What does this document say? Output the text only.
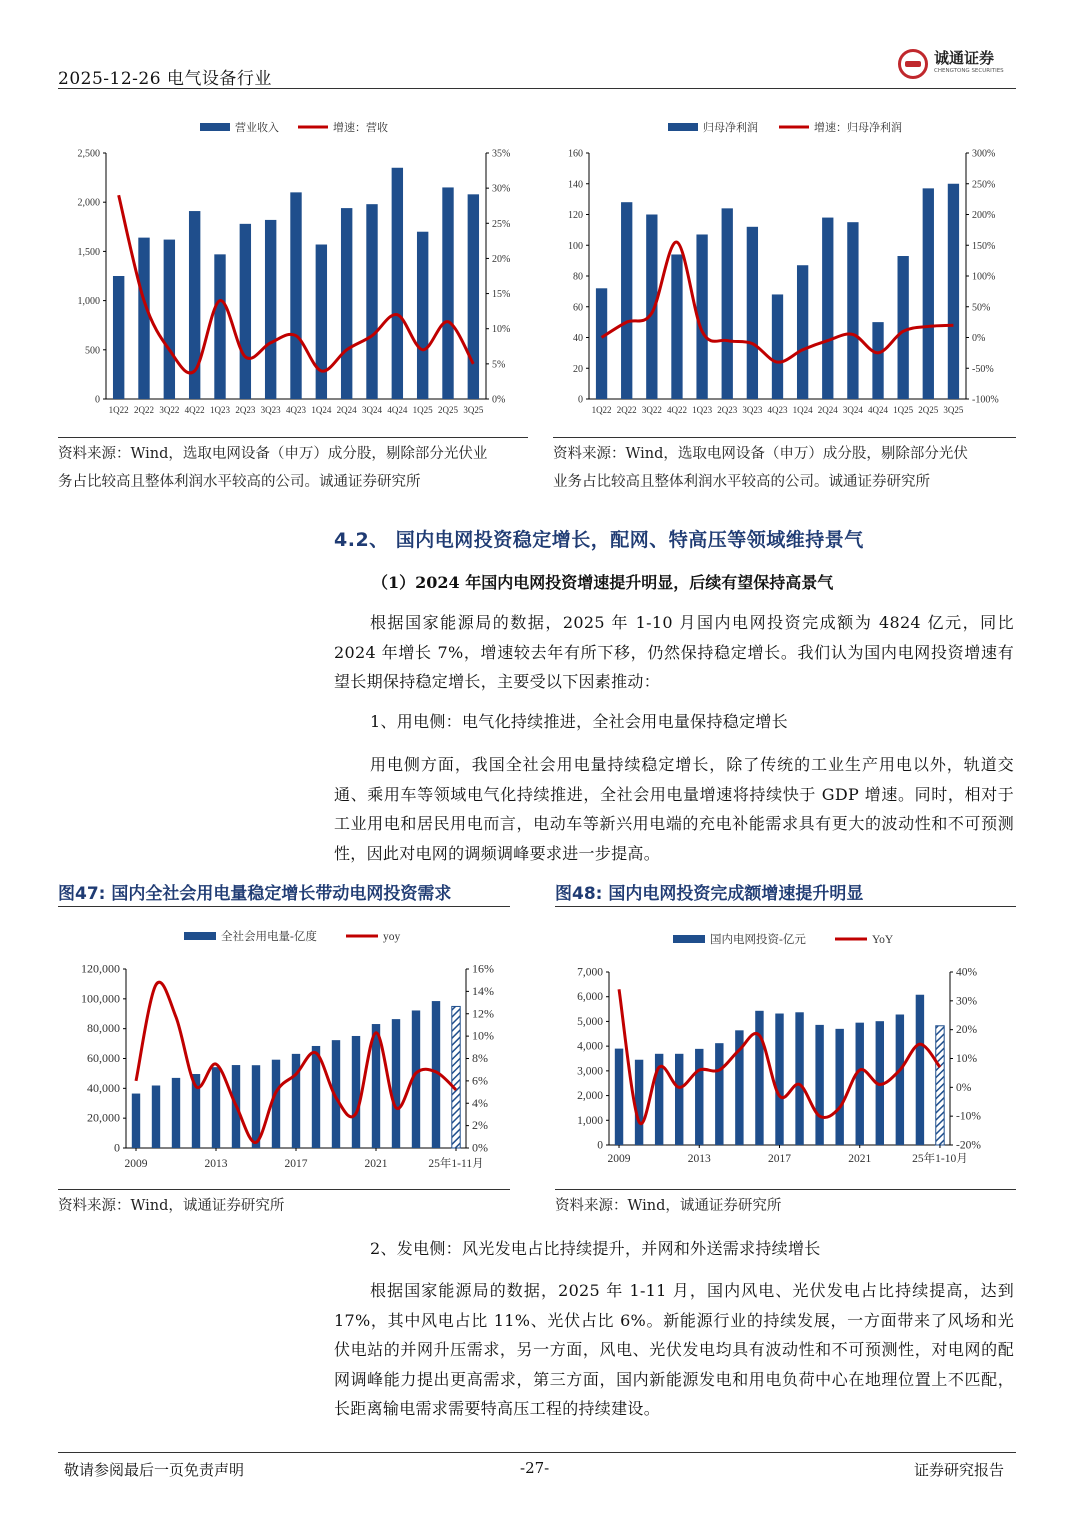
2025-12-26 电气设备行业
诚通证券
CHENGTONG SECURITIES
0
500
1,000
1,500
2,000
2,500
0%
5%
10%
15%
20%
25%
30%
35%
1Q22 2Q22 3Q22 4Q22 1Q23 2Q23 3Q23 4Q23 1Q24 2Q24 3Q24 4Q24 1Q25 2Q25 3Q25
营业收入	增速：营收
0
20
40
60
80
100
120
140
160
-100%
-50%
0%
50%
100%
150%
200%
250%
300%
1Q22 2Q22 3Q22 4Q22 1Q23 2Q23 3Q23 4Q23 1Q24 2Q24 3Q24 4Q24 1Q25 2Q25 3Q25
归母净利润	增速：归母净利润
资料来源：Wind，选取电网设备（申万）成分股，剔除部分光伏业
务占比较高且整体利润水平较高的公司。诚通证券研究所
资料来源：Wind，选取电网设备（申万）成分股，剔除部分光伏
业务占比较高且整体利润水平较高的公司。诚通证券研究所
4.2、 国内电网投资稳定增长，配网、特高压等领域维持景气
（1）2024 年国内电网投资增速提升明显，后续有望保持高景气
根据国家能源局的数据，2025 年 1-10 月国内电网投资完成额为 4824 亿元，同比 2024 年增长 7%，增速较去年有所下移，仍然保持稳定增长。我们认为国内电网投资增速有望长期保持稳定增长，主要受以下因素推动：
1、用电侧：电气化持续推进，全社会用电量保持稳定增长
用电侧方面，我国全社会用电量持续稳定增长，除了传统的工业生产用电以外，轨道交通、乘用车等领域电气化持续推进，全社会用电量增速将持续快于 GDP 增速。同时，相对于工业用电和居民用电而言，电动车等新兴用电端的充电补能需求具有更大的波动性和不可预测性，因此对电网的调频调峰要求进一步提高。
图47: 国内全社会用电量稳定增长带动电网投资需求	图48: 国内电网投资完成额增速提升明显
0
20,000
40,000
60,000
80,000
100,000
120,000
0%
2%
4%
6%
8%
10%
12%
14%
16%
2009	2013	2017	2021	25年1-11月
全社会用电量-亿度	yoy
0
1,000
2,000
3,000
4,000
5,000
6,000
7,000
-20%
-10%
0%
10%
20%
30%
40%
2009	2013	2017	2021	25年1-10月
国内电网投资-亿元	YoY
资料来源：Wind，诚通证券研究所	资料来源：Wind，诚通证券研究所
2、发电侧：风光发电占比持续提升，并网和外送需求持续增长
根据国家能源局的数据，2025 年 1-11 月，国内风电、光伏发电占比持续提高，达到 17%，其中风电占比 11%、光伏占比 6%。新能源行业的持续发展，一方面带来了风场和光伏电站的并网升压需求，另一方面，风电、光伏发电均具有波动性和不可预测性，对电网的配网调峰能力提出更高需求，第三方面，国内新能源发电和用电负荷中心在地理位置上不匹配，长距离输电需求需要特高压工程的持续建设。
敬请参阅最后一页免责声明	-27-	证券研究报告
